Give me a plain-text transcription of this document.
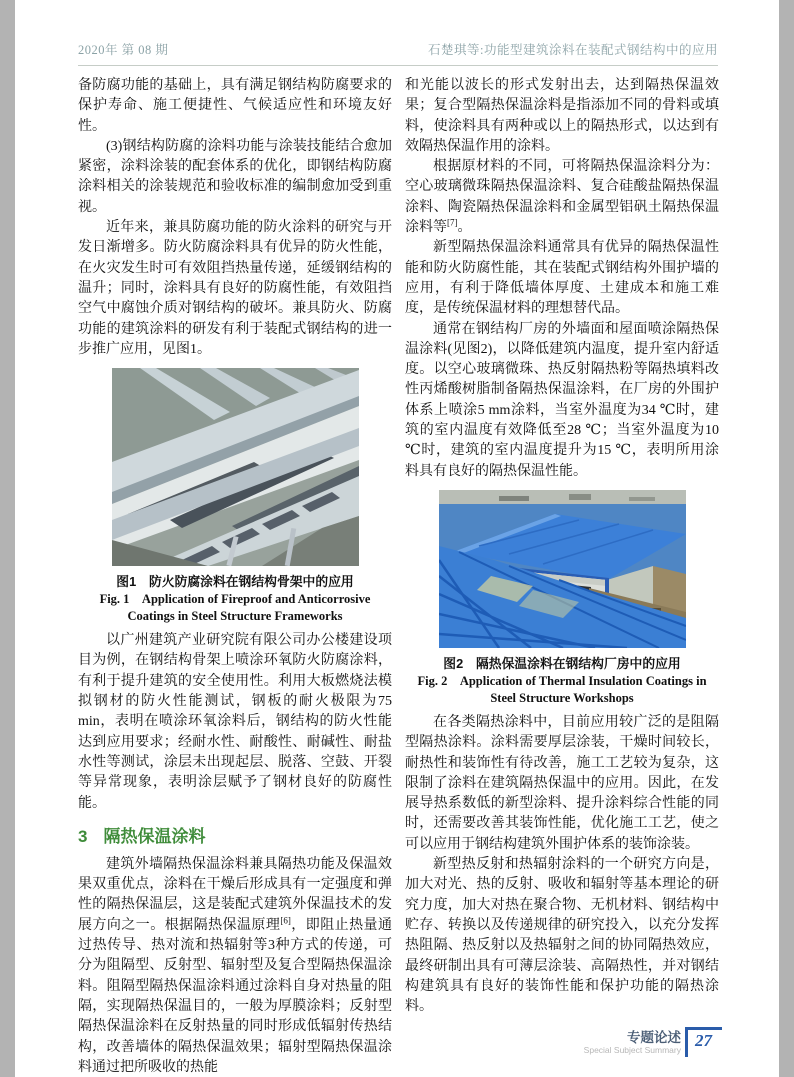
2020年 第 08 期	石楚琪等:功能型建筑涂料在装配式钢结构中的应用

备防腐功能的基础上，具有满足钢结构防腐要求的保护寿命、施工便捷性、气候适应性和环境友好性。

(3)钢结构防腐的涂料功能与涂装技能结合愈加紧密，涂料涂装的配套体系的优化，即钢结构防腐涂料相关的涂装规范和验收标准的编制愈加受到重视。

近年来，兼具防腐功能的防火涂料的研究与开发日渐增多。防火防腐涂料具有优异的防火性能，在火灾发生时可有效阻挡热量传递，延缓钢结构的温升；同时，涂料具有良好的防腐性能，有效阻挡空气中腐蚀介质对钢结构的破坏。兼具防火、防腐功能的建筑涂料的研发有利于装配式钢结构的进一步推广应用，见图1。

图1　防火防腐涂料在钢结构骨架中的应用
Fig. 1　Application of Fireproof and Anticorrosive
Coatings in Steel Structure Frameworks

以广州建筑产业研究院有限公司办公楼建设项目为例，在钢结构骨架上喷涂环氧防火防腐涂料，有利于提升建筑的安全使用性。利用大板燃烧法模拟钢材的防火性能测试，钢板的耐火极限为75 min，表明在喷涂环氧涂料后，钢结构的防火性能达到应用要求；经耐水性、耐酸性、耐碱性、耐盐水性等测试，涂层未出现起层、脱落、空鼓、开裂等异常现象，表明涂层赋予了钢材良好的防腐性能。

3 隔热保温涂料

建筑外墙隔热保温涂料兼具隔热功能及保温效果双重优点，涂料在干燥后形成具有一定强度和弹性的隔热保温层，这是装配式建筑外保温技术的发展方向之一。根据隔热保温原理[6]，即阻止热量通过热传导、热对流和热辐射等3种方式的传递，可分为阻隔型、反射型、辐射型及复合型隔热保温涂料。阻隔型隔热保温涂料通过涂料自身对热量的阻隔，实现隔热保温目的，一般为厚膜涂料；反射型隔热保温涂料在反射热量的同时形成低辐射传热结构，改善墙体的隔热保温效果；辐射型隔热保温涂料通过把所吸收的热能

和光能以波长的形式发射出去，达到隔热保温效果；复合型隔热保温涂料是指添加不同的骨料或填料，使涂料具有两种或以上的隔热形式，以达到有效隔热保温作用的涂料。

根据原材料的不同，可将隔热保温涂料分为：空心玻璃微珠隔热保温涂料、复合硅酸盐隔热保温涂料、陶瓷隔热保温涂料和金属型铝矾土隔热保温涂料等[7]。

新型隔热保温涂料通常具有优异的隔热保温性能和防火防腐性能，其在装配式钢结构外围护墙的应用，有利于降低墙体厚度、土建成本和施工难度，是传统保温材料的理想替代品。

通常在钢结构厂房的外墙面和屋面喷涂隔热保温涂料(见图2)，以降低建筑内温度，提升室内舒适度。以空心玻璃微珠、热反射隔热粉等隔热填料改性丙烯酸树脂制备隔热保温涂料，在厂房的外围护体系上喷涂5 mm涂料，当室外温度为34 ℃时，建筑的室内温度有效降低至28 ℃；当室外温度为10 ℃时，建筑的室内温度提升为15 ℃，表明所用涂料具有良好的隔热保温性能。

图2　隔热保温涂料在钢结构厂房中的应用
Fig. 2　Application of Thermal Insulation Coatings in
Steel Structure Workshops

在各类隔热涂料中，目前应用较广泛的是阻隔型隔热涂料。涂料需要厚层涂装，干燥时间较长，耐热性和装饰性有待改善，施工工艺较为复杂，这限制了涂料在建筑隔热保温中的应用。因此，在发展导热系数低的新型涂料、提升涂料综合性能的同时，还需要改善其装饰性能，优化施工工艺，使之可以应用于钢结构建筑外围护体系的装饰涂装。

新型热反射和热辐射涂料的一个研究方向是，加大对光、热的反射、吸收和辐射等基本理论的研究力度，加大对热在聚合物、无机材料、钢结构中贮存、转换以及传递规律的研究投入，以充分发挥热阻隔、热反射以及热辐射之间的协同隔热效应，最终研制出具有可薄层涂装、高隔热性，并对钢结构建筑具有良好的装饰性能和保护功能的隔热涂料。

专题论述
Special Subject Summary 27
